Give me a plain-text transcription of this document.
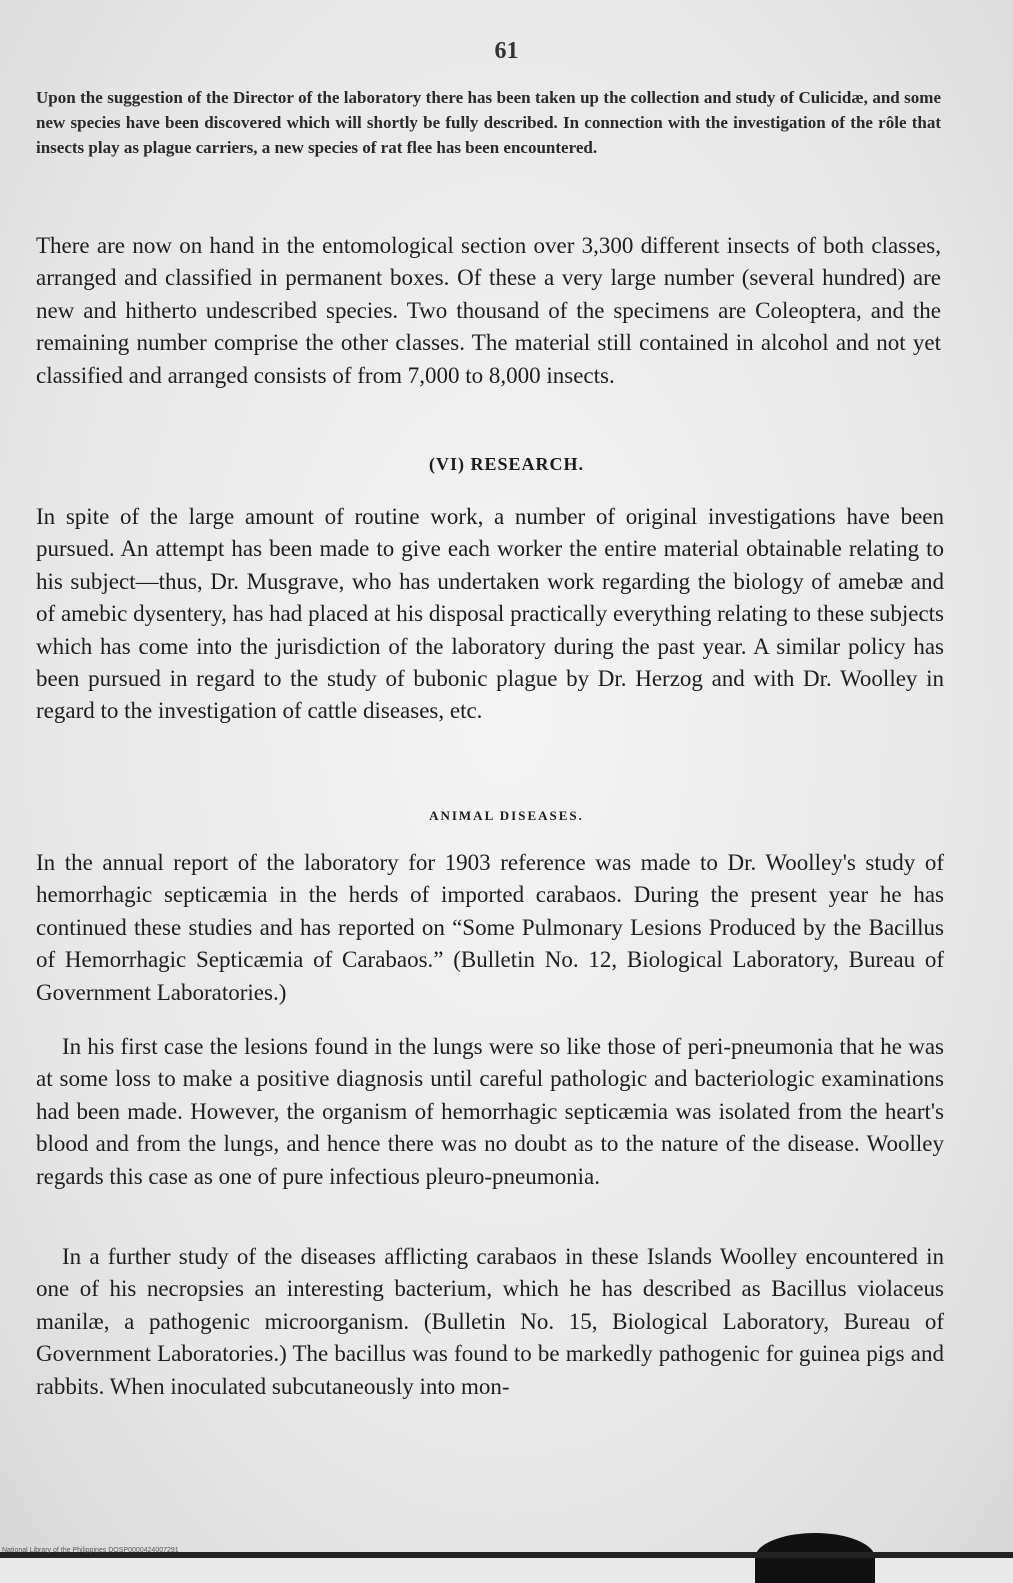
61

Upon the suggestion of the Director of the laboratory there has been taken up the collection and study of Culicidæ, and some new species have been discovered which will shortly be fully described. In connection with the investigation of the rôle that insects play as plague carriers, a new species of rat flee has been encountered.

There are now on hand in the entomological section over 3,300 different insects of both classes, arranged and classified in permanent boxes. Of these a very large number (several hundred) are new and hitherto undescribed species. Two thousand of the specimens are Coleoptera, and the remaining number comprise the other classes. The material still contained in alcohol and not yet classified and arranged consists of from 7,000 to 8,000 insects.

(VI) RESEARCH.

In spite of the large amount of routine work, a number of original investigations have been pursued. An attempt has been made to give each worker the entire material obtainable relating to his subject—thus, Dr. Musgrave, who has undertaken work regarding the biology of amebæ and of amebic dysentery, has had placed at his disposal practically everything relating to these subjects which has come into the jurisdiction of the laboratory during the past year. A similar policy has been pursued in regard to the study of bubonic plague by Dr. Herzog and with Dr. Woolley in regard to the investigation of cattle diseases, etc.

ANIMAL DISEASES.

In the annual report of the laboratory for 1903 reference was made to Dr. Woolley's study of hemorrhagic septicæmia in the herds of imported carabaos. During the present year he has continued these studies and has reported on “Some Pulmonary Lesions Produced by the Bacillus of Hemorrhagic Septicæmia of Carabaos.” (Bulletin No. 12, Biological Laboratory, Bureau of Government Laboratories.)

In his first case the lesions found in the lungs were so like those of peri-pneumonia that he was at some loss to make a positive diagnosis until careful pathologic and bacteriologic examinations had been made. However, the organism of hemorrhagic septicæmia was isolated from the heart's blood and from the lungs, and hence there was no doubt as to the nature of the disease. Woolley regards this case as one of pure infectious pleuro-pneumonia.

In a further study of the diseases afflicting carabaos in these Islands Woolley encountered in one of his necropsies an interesting bacterium, which he has described as Bacillus violaceus manilæ, a pathogenic microorganism. (Bulletin No. 15, Biological Laboratory, Bureau of Government Laboratories.) The bacillus was found to be markedly pathogenic for guinea pigs and rabbits. When inoculated subcutaneously into mon-

National Library of the Philippines DOSP0000424007291
